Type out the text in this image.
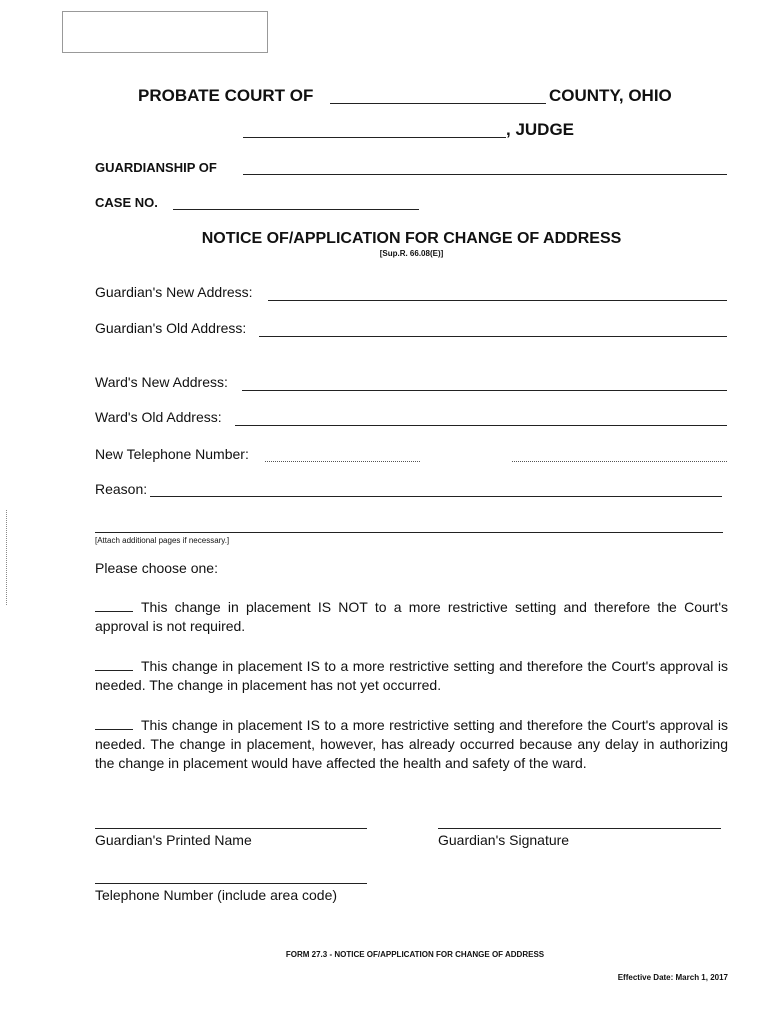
PROBATE COURT OF	COUNTY, OHIO
, JUDGE
GUARDIANSHIP OF
CASE NO.
NOTICE OF/APPLICATION FOR CHANGE OF ADDRESS
[Sup.R. 66.08(E)]
Guardian's New Address:
Guardian's Old Address:
Ward's New Address:
Ward's Old Address:
New Telephone Number:
Reason:
[Attach additional pages if necessary.]
Please choose one:
This change in placement IS NOT to a more restrictive setting and therefore the Court's approval is not required.
This change in placement IS to a more restrictive setting and therefore the Court's approval is needed. The change in placement has not yet occurred.
This change in placement IS to a more restrictive setting and therefore the Court's approval is needed. The change in placement, however, has already occurred because any delay in authorizing the change in placement would have affected the health and safety of the ward.
Guardian's Printed Name	Guardian's Signature
Telephone Number (include area code)
FORM 27.3 - NOTICE OF/APPLICATION FOR CHANGE OF ADDRESS
Effective Date: March 1, 2017
